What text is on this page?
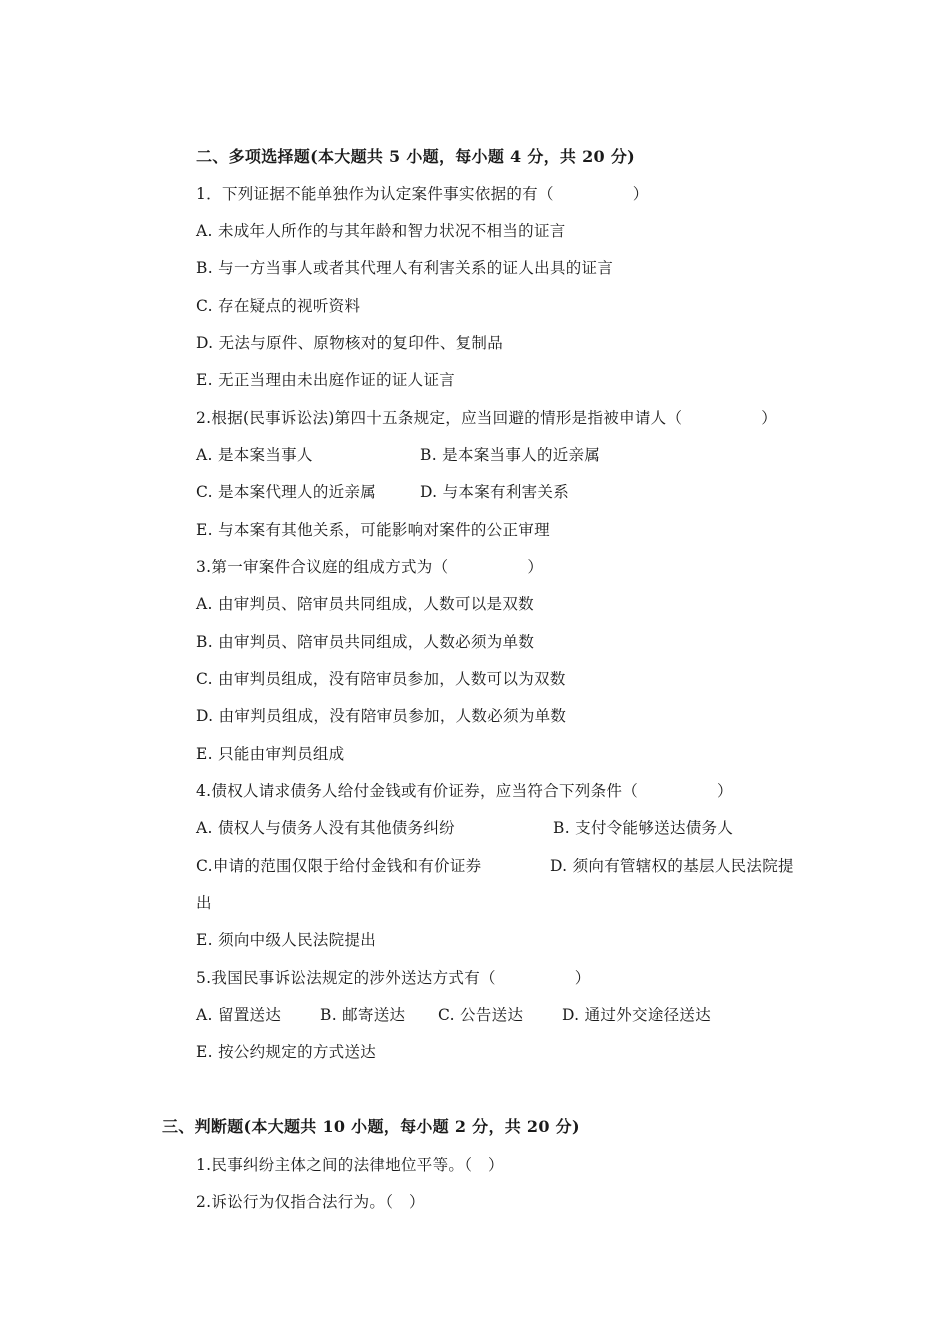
二、多项选择题(本大题共 5 小题，每小题 4 分，共 20 分)
1．下列证据不能单独作为认定案件事实依据的有（　　　　　）
A. 未成年人所作的与其年龄和智力状况不相当的证言
B. 与一方当事人或者其代理人有利害关系的证人出具的证言
C. 存在疑点的视听资料
D. 无法与原件、原物核对的复印件、复制品
E. 无正当理由未出庭作证的证人证言
2.根据(民事诉讼法)第四十五条规定，应当回避的情形是指被申请人（　　　　　）
A. 是本案当事人	B. 是本案当事人的近亲属
C. 是本案代理人的近亲属	D. 与本案有利害关系
E. 与本案有其他关系，可能影响对案件的公正审理
3.第一审案件合议庭的组成方式为（　　　　　）
A. 由审判员、陪审员共同组成，人数可以是双数
B. 由审判员、陪审员共同组成，人数必须为单数
C. 由审判员组成，没有陪审员参加，人数可以为双数
D. 由审判员组成，没有陪审员参加，人数必须为单数
E. 只能由审判员组成
4.债权人请求债务人给付金钱或有价证券，应当符合下列条件（　　　　　）
A. 债权人与债务人没有其他债务纠纷	B. 支付令能够送达债务人
C.申请的范围仅限于给付金钱和有价证券	D. 须向有管辖权的基层人民法院提
出
E. 须向中级人民法院提出
5.我国民事诉讼法规定的涉外送达方式有（　　　　　）
A. 留置送达	B. 邮寄送达 C. 公告送达 D. 通过外交途径送达
E. 按公约规定的方式送达
三、判断题(本大题共 10 小题，每小题 2 分，共 20 分)
1.民事纠纷主体之间的法律地位平等。（　）
2.诉讼行为仅指合法行为。（　）
